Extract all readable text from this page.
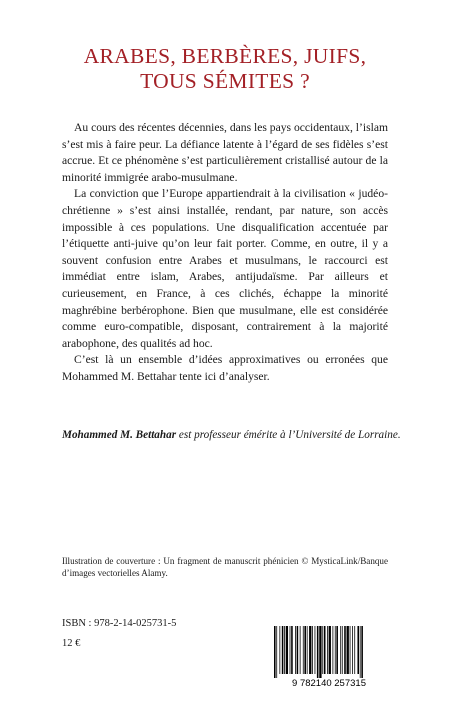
ARABES, BERBÈRES, JUIFS,
TOUS SÉMITES ?

Au cours des récentes décennies, dans les pays occidentaux, l’islam s’est mis à faire peur. La défiance latente à l’égard de ses fidèles s’est accrue. Et ce phénomène s’est particulièrement cristallisé autour de la minorité immigrée arabo-musulmane.

La conviction que l’Europe appartiendrait à la civilisation « judéo-chrétienne » s’est ainsi installée, rendant, par nature, son accès impossible à ces populations. Une disqualification accentuée par l’étiquette anti-juive qu’on leur fait porter. Comme, en outre, il y a souvent confusion entre Arabes et musulmans, le raccourci est immédiat entre islam, Arabes, antijudaïsme. Par ailleurs et curieusement, en France, à ces clichés, échappe la minorité maghrébine berbérophone. Bien que musulmane, elle est considérée comme euro-compatible, disposant, contrairement à la majorité arabophone, des qualités ad hoc.

C’est là un ensemble d’idées approximatives ou erronées que Mohammed M. Bettahar tente ici d’analyser.

Mohammed M. Bettahar est professeur émérite à l’Université de Lorraine.
Illustration de couverture : Un fragment de manuscrit phénicien © MysticaLink/Banque d’images vectorielles Alamy.
ISBN : 978-2-14-025731-5
12 €
9 782140 257315
